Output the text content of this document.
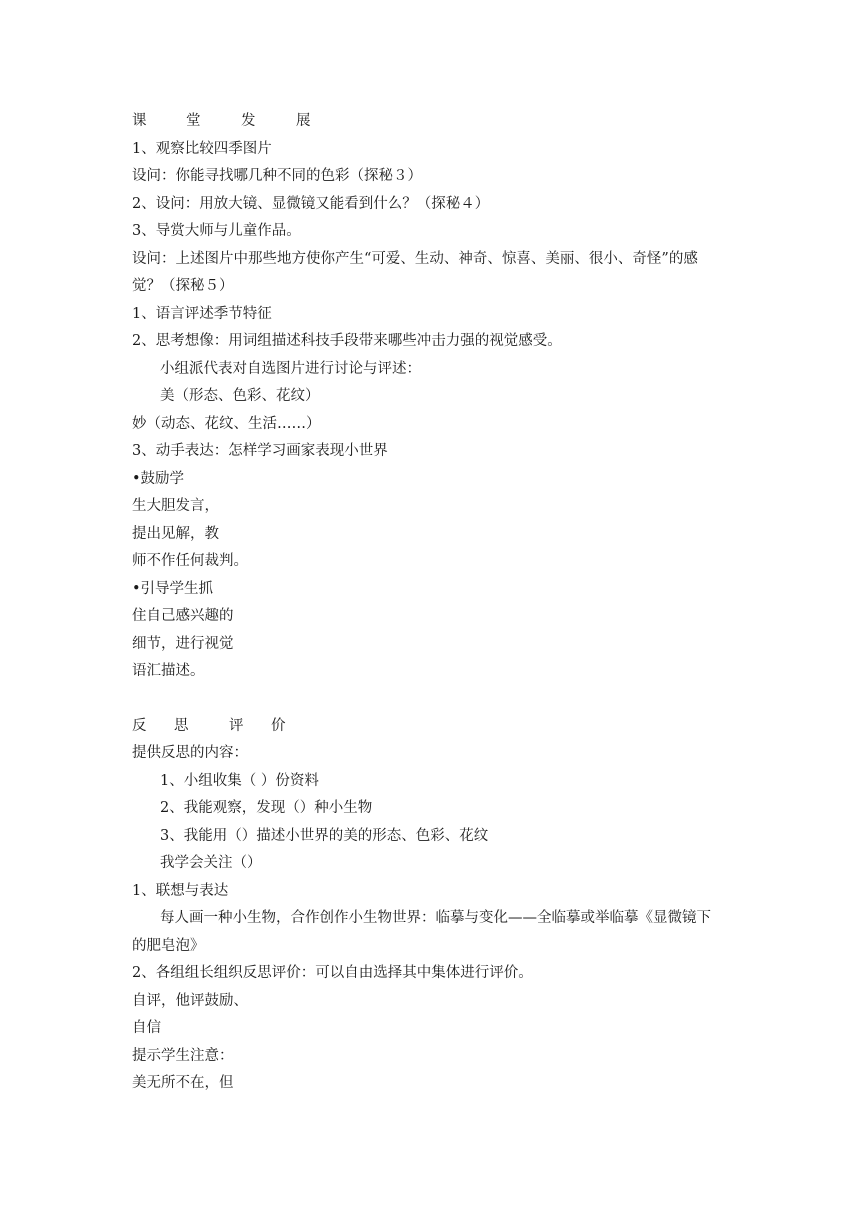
课	堂	发	展
1、观察比较四季图片
设问：你能寻找哪几种不同的色彩（探秘３）
2、设问：用放大镜、显微镜又能看到什么？（探秘４）
3、导赏大师与儿童作品。
设问：上述图片中那些地方使你产生“可爱、生动、神奇、惊喜、美丽、很小、奇怪”的感
觉？（探秘５）
1、语言评述季节特征
2、思考想像：用词组描述科技手段带来哪些冲击力强的视觉感受。
小组派代表对自选图片进行讨论与评述：
美（形态、色彩、花纹）
妙（动态、花纹、生活……）
3、动手表达：怎样学习画家表现小世界
•鼓励学
生大胆发言，
提出见解，教
师不作任何裁判。
•引导学生抓
住自己感兴趣的
细节，进行视觉
语汇描述。
反 思	评 价
提供反思的内容：
1、小组收集（ ）份资料
2、我能观察，发现（）种小生物
3、我能用（）描述小世界的美的形态、色彩、花纹
我学会关注（）
1、联想与表达
每人画一种小生物，合作创作小生物世界：临摹与变化——全临摹或举临摹《显微镜下
的肥皂泡》
2、各组组长组织反思评价：可以自由选择其中集体进行评价。
自评，他评鼓励、
自信
提示学生注意：
美无所不在，但
